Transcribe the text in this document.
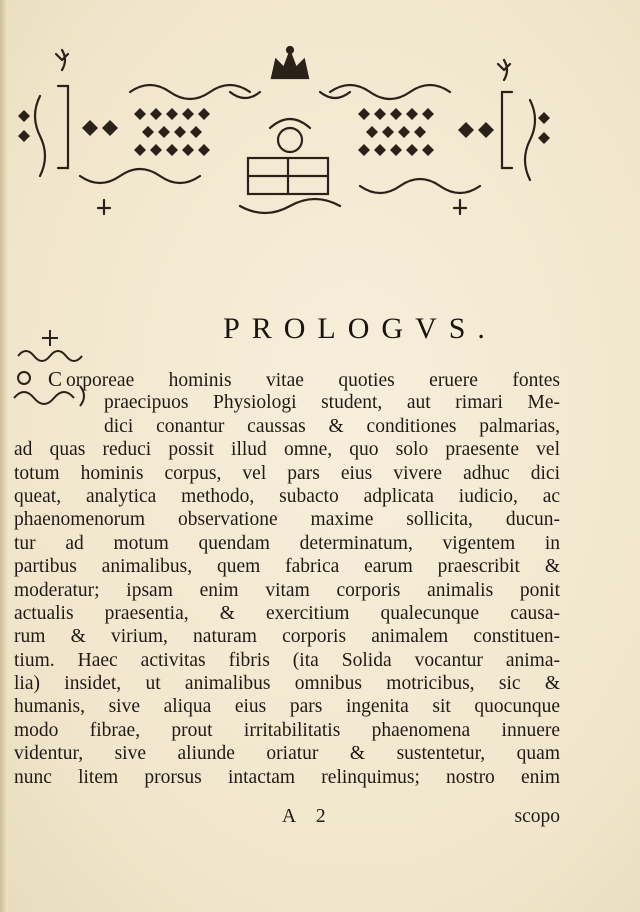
PROLOGVS.
C orporeae hominis vitae quoties eruere fontes
praecipuos Physiologi student, aut rimari Me-
dici conantur caussas & conditiones palmarias,
ad quas reduci possit illud omne, quo solo praesente vel
totum hominis corpus, vel pars eius vivere adhuc dici
queat, analytica methodo, subacto adplicata iudicio, ac
phaenomenorum observatione maxime sollicita, ducun-
tur ad motum quendam determinatum, vigentem in
partibus animalibus, quem fabrica earum praescribit &
moderatur; ipsam enim vitam corporis animalis ponit
actualis praesentia, & exercitium qualecunque causa-
rum & virium, naturam corporis animalem constituen-
tium. Haec activitas fibris (ita Solida vocantur anima-
lia) insidet, ut animalibus omnibus motricibus, sic &
humanis, sive aliqua eius pars ingenita sit quocunque
modo fibrae, prout irritabilitatis phaenomena innuere
videntur, sive aliunde oriatur & sustentetur, quam
nunc litem prorsus intactam relinquimus; nostro enim
A 2	scopo
